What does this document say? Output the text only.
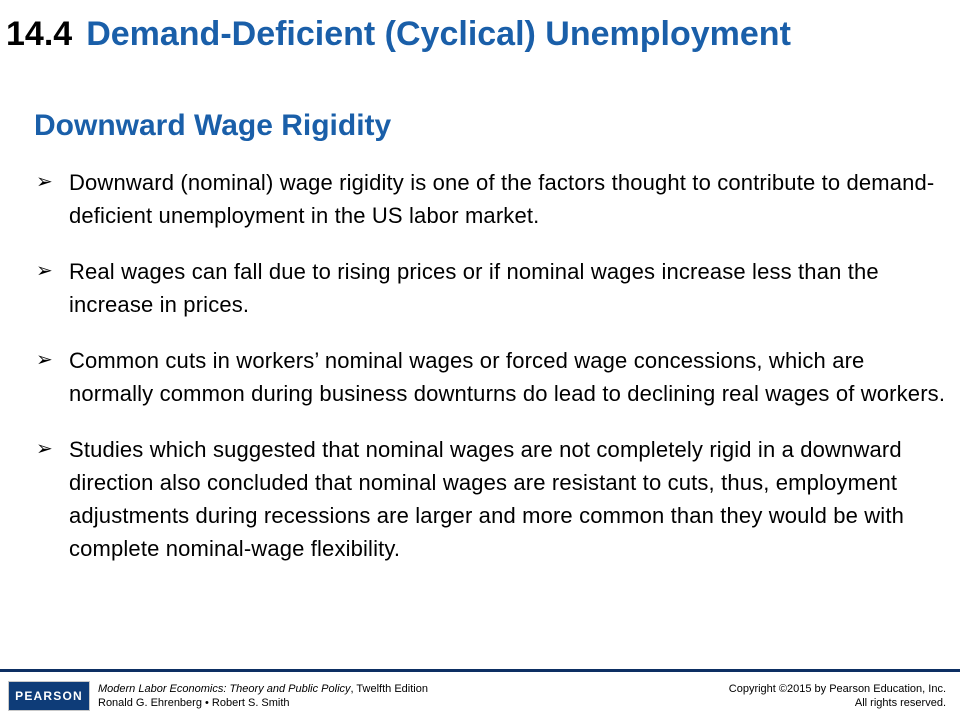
14.4 Demand-Deficient (Cyclical) Unemployment
Downward Wage Rigidity
➢ Downward (nominal) wage rigidity is one of the factors thought to contribute to demand-deficient unemployment in the US labor market.
➢ Real wages can fall due to rising prices or if nominal wages increase less than the increase in prices.
➢ Common cuts in workers’ nominal wages or forced wage concessions, which are normally common during business downturns do lead to declining real wages of workers.
➢ Studies which suggested that nominal wages are not completely rigid in a downward direction also concluded that nominal wages are resistant to cuts, thus, employment adjustments during recessions are larger and more common than they would be with complete nominal-wage flexibility.
PEARSON	Modern Labor Economics: Theory and Public Policy, Twelfth Edition
Ronald G. Ehrenberg • Robert S. Smith
Copyright ©2015 by Pearson Education, Inc.
All rights reserved.
